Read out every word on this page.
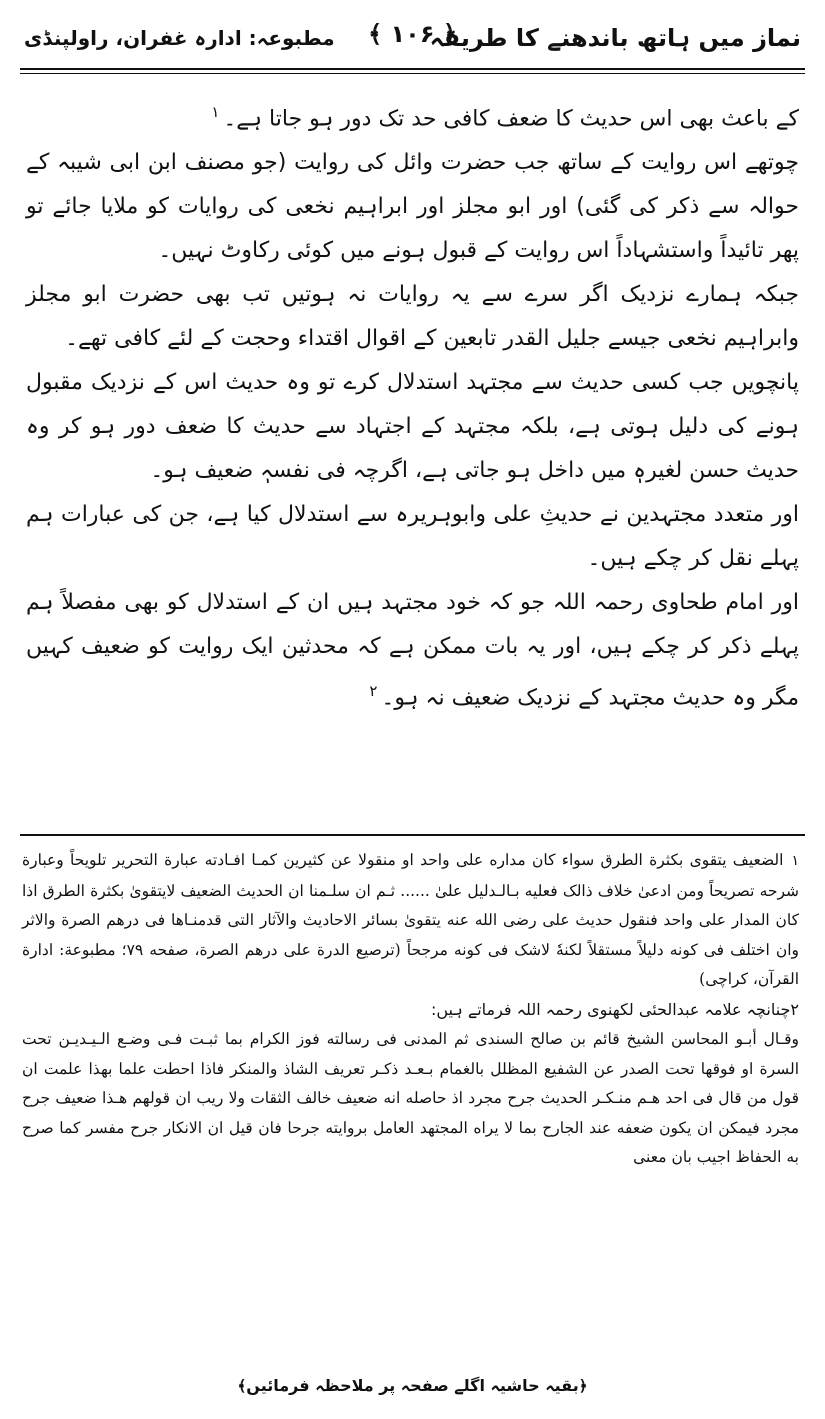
نماز میں ہاتھ باندھنے کا طریقہ
﴾ ۱۰۶ ﴿
مطبوعہ: ادارہ غفران، راولپنڈی

کے باعث بھی اس حدیث کا ضعف کافی حد تک دور ہو جاتا ہے۔$^۱$

چوتھے اس روایت کے ساتھ جب حضرت وائل کی روایت (جو مصنف ابن ابی شیبہ کے حوالہ سے ذکر کی گئی) اور ابو مجلز اور ابراہیم نخعی کی روایات کو ملایا جائے تو پھر تائیداً واستشہاداً اس روایت کے قبول ہونے میں کوئی رکاوٹ نہیں۔

جبکہ ہمارے نزدیک اگر سرے سے یہ روایات نہ ہوتیں تب بھی حضرت ابو مجلز وابراہیم نخعی جیسے جلیل القدر تابعین کے اقوال اقتداء وحجت کے لئے کافی تھے۔

پانچویں جب کسی حدیث سے مجتہد استدلال کرے تو وہ حدیث اس کے نزدیک مقبول ہونے کی دلیل ہوتی ہے، بلکہ مجتہد کے اجتہاد سے حدیث کا ضعف دور ہو کر وہ حدیث حسن لغیرہٖ میں داخل ہو جاتی ہے، اگرچہ فی نفسہٖ ضعیف ہو۔

اور متعدد مجتہدین نے حدیثِ علی وابوہریرہ سے استدلال کیا ہے، جن کی عبارات ہم پہلے نقل کر چکے ہیں۔

اور امام طحاوی رحمہ اللہ جو کہ خود مجتہد ہیں ان کے استدلال کو بھی مفصلاً ہم پہلے ذکر کر چکے ہیں، اور یہ بات ممکن ہے کہ محدثین ایک روایت کو ضعیف کہیں مگر وہ حدیث مجتہد کے نزدیک ضعیف نہ ہو۔$^۲$

۱الضعيف يتقوى بكثرة الطرق سواء كان مداره على واحد او منقولا عن كثيرين كمـا افـادته عبارة التحرير تلويحاً وعبارة شرحه تصريحاً ومن ادعىٰ خلاف ذالک فعليه بـالـدليل علىٰ ...... ثـم ان سلـمنا ان الحديث الضعيف لايتقوىٰ بكثرة الطرق اذا كان المدار على واحد فنقول حديث على رضى الله عنه يتقوىٰ بسائر الاحاديث والآثار التى قدمنـاها فى درهم الصرة والاثر وان اختلف فى كونه دليلاً مستقلاً لكنهٗ لاشک فى كونه مرجحاً (ترصيع الدرة على درهم الصرة، صفحه ۷۹؛ مطبوعة: ادارة القرآن، كراچى)

۲چنانچہ علامہ عبدالحئی لکھنوی رحمہ اللہ فرماتے ہیں:

وقـال أبـو المحاسن الشيخ قائم بن صالح السندى ثم المدنى فى رسالته فوز الكرام بما ثبـت فـى وضـع الـيـديـن تحت السرة او فوقها تحت الصدر عن الشفيع المظلل بالغمام بـعـد ذكـر تعريف الشاذ والمنكر فاذا احطت علما بهذا علمت ان قول من قال فى احد هـم منـكـر الحديث جرح مجرد اذ حاصله انه ضعيف خالف الثقات ولا ريب ان قولهم هـذا ضعيف جرح مجرد فيمكن ان يكون ضعفه عند الجارح بما لا يراه المجتهد العامل بروايته جرحا فان قيل ان الانكار جرح مفسر كما صرح به الحفاظ اجيب بان معنى

﴿بقیہ حاشیہ اگلے صفحہ پر ملاحظہ فرمائیں﴾
